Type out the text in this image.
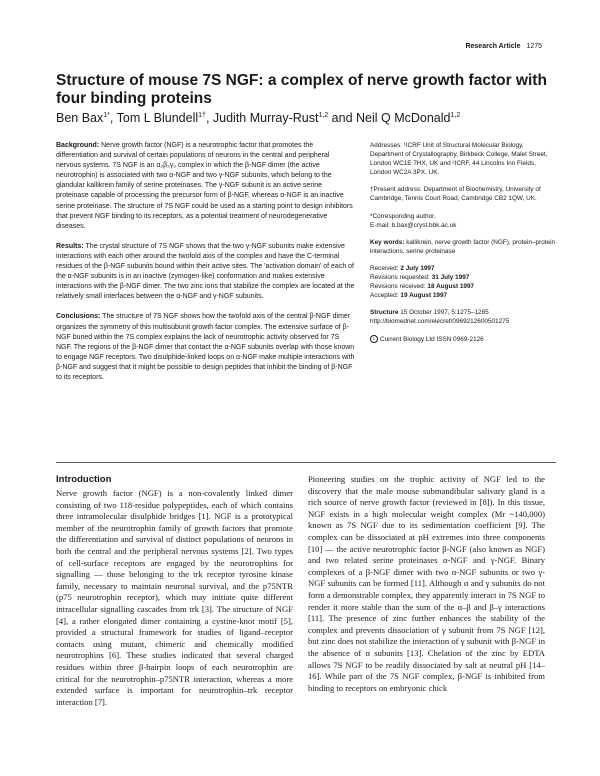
Research Article 1275
Structure of mouse 7S NGF: a complex of nerve growth factor with four binding proteins
Ben Bax$^{1*}$, Tom L Blundell$^{1\dagger}$, Judith Murray-Rust$^{1,2}$ and Neil Q McDonald$^{1,2}$

Background: Nerve growth factor (NGF) is a neurotrophic factor that promotes the differentiation and survival of certain populations of neurons in the central and peripheral nervous systems. 7S NGF is an α₂β₂γ₂ complex in which the β-NGF dimer (the active neurotrophin) is associated with two α-NGF and two γ-NGF subunits, which belong to the glandular kallikrein family of serine proteinases. The γ-NGF subunit is an active serine proteinase capable of processing the precursor form of β-NGF, whereas α-NGF is an inactive serine proteinase. The structure of 7S NGF could be used as a starting point to design inhibitors that prevent NGF binding to its receptors, as a potential treatment of neurodegenerative diseases.

Results: The crystal structure of 7S NGF shows that the two γ-NGF subunits make extensive interactions with each other around the twofold axis of the complex and have the C-terminal residues of the β-NGF subunits bound within their active sites. The 'activation domain' of each of the α-NGF subunits is in an inactive (zymogen-like) conformation and makes extensive interactions with the β-NGF dimer. The two zinc ions that stabilize the complex are located at the relatively small interfaces between the α-NGF and γ-NGF subunits.

Conclusions: The structure of 7S NGF shows how the twofold axis of the central β-NGF dimer organizes the symmetry of this multisubunit growth factor complex. The extensive surface of β-NGF buried within the 7S complex explains the lack of neurotrophic activity observed for 7S NGF. The regions of the β-NGF dimer that contact the α-NGF subunits overlap with those known to engage NGF receptors. Two disulphide-linked loops on α-NGF make multiple interactions with β-NGF and suggest that it might be possible to design peptides that inhibit the binding of β-NGF to its receptors.

Addresses: ¹ICRF Unit of Structural Molecular Biology, Department of Crystallography, Birkbeck College, Malet Street, London WC1E 7HX, UK and ²ICRF, 44 Lincolns Inn Fields, London WC2A 3PX, UK.

†Present address: Department of Biochemistry, University of Cambridge, Tennis Court Road, Cambridge CB2 1QW, UK.

*Corresponding author.
E-mail: b.bax@cryst.bbk.ac.uk

Key words: kallikrein, nerve growth factor (NGF), protein–protein interactions, serine proteinase

Received: 2 July 1997
Revisions requested: 31 July 1997
Revisions received: 18 August 1997
Accepted: 19 August 1997

Structure 15 October 1997, 5:1275–1285
http://biomednet.com/elecref/0969212600501275

c Current Biology Ltd ISSN 0969-2126

Introduction

Nerve growth factor (NGF) is a non-covalently linked dimer consisting of two 118-residue polypeptides, each of which contains three intramolecular disulphide bridges [1]. NGF is a prototypical member of the neurotrophin family of growth factors that promote the differentiation and survival of distinct populations of neurons in both the central and the peripheral nervous systems [2]. Two types of cell-surface receptors are engaged by the neurotrophins for signalling — those belonging to the trk receptor tyrosine kinase family, necessary to maintain neuronal survival, and the p75NTR (p75 neurotrophin receptor), which may initiate quite different intracellular signalling cascades from trk [3]. The structure of NGF [4], a rather elongated dimer containing a cystine-knot motif [5], provided a structural framework for studies of ligand–receptor contacts using mutant, chimeric and chemically modified neurotrophins [6]. These studies indicated that several charged residues within three β-hairpin loops of each neurotrophin are critical for the neurotrophin–p75NTR interaction, whereas a more extended surface is important for neurotrophin–trk receptor interaction [7].

Pioneering studies on the trophic activity of NGF led to the discovery that the male mouse submandibular salivary gland is a rich source of nerve growth factor (reviewed in [8]). In this tissue, NGF exists in a high molecular weight complex (Mr ~140,000) known as 7S NGF due to its sedimentation coefficient [9]. The complex can be dissociated at pH extremes into three components [10] — the active neurotrophic factor β-NGF (also known as NGF) and two related serine proteinases α-NGF and γ-NGF. Binary complexes of a β-NGF dimer with two α-NGF subunits or two γ-NGF subunits can be formed [11]. Although α and γ subunits do not form a demonstrable complex, they apparently interact in 7S NGF to render it more stable than the sum of the α–β and β–γ interactions [11]. The presence of zinc further enhances the stability of the complex and prevents dissociation of γ subunit from 7S NGF [12], but zinc does not stabilize the interaction of γ subunit with β-NGF in the absence of α subunits [13]. Chelation of the zinc by EDTA allows 7S NGF to be readily dissociated by salt at neutral pH [14–16]. While part of the 7S NGF complex, β-NGF is inhibited from binding to receptors on embryonic chick
